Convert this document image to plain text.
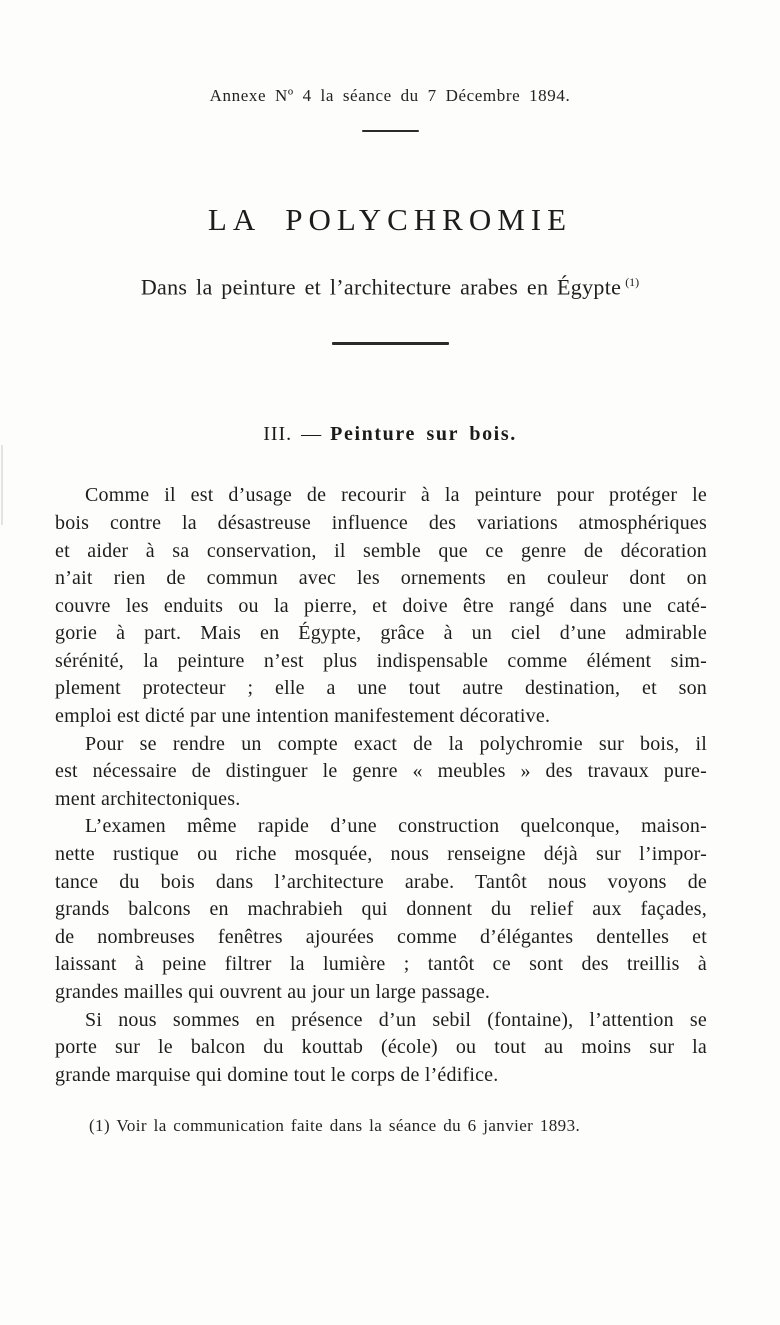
Annexe Nº 4 la séance du 7 Décembre 1894.
LA POLYCHROMIE
Dans la peinture et l’architecture arabes en Égypte $^{(1)}$
III. — Peinture sur bois.
Comme il est d’usage de recourir à la peinture pour protéger le
bois contre la désastreuse influence des variations atmosphériques
et aider à sa conservation, il semble que ce genre de décoration
n’ait rien de commun avec les ornements en couleur dont on
couvre les enduits ou la pierre, et doive être rangé dans une caté-
gorie à part. Mais en Égypte, grâce à un ciel d’une admirable
sérénité, la peinture n’est plus indispensable comme élément sim-
plement protecteur ; elle a une tout autre destination, et son
emploi est dicté par une intention manifestement décorative.
Pour se rendre un compte exact de la polychromie sur bois, il
est nécessaire de distinguer le genre « meubles » des travaux pure-
ment architectoniques.
L’examen même rapide d’une construction quelconque, maison-
nette rustique ou riche mosquée, nous renseigne déjà sur l’impor-
tance du bois dans l’architecture arabe. Tantôt nous voyons de
grands balcons en machrabieh qui donnent du relief aux façades,
de nombreuses fenêtres ajourées comme d’élégantes dentelles et
laissant à peine filtrer la lumière ; tantôt ce sont des treillis à
grandes mailles qui ouvrent au jour un large passage.
Si nous sommes en présence d’un sebil (fontaine), l’attention se
porte sur le balcon du kouttab (école) ou tout au moins sur la
grande marquise qui domine tout le corps de l’édifice.
(1) Voir la communication faite dans la séance du 6 janvier 1893.
